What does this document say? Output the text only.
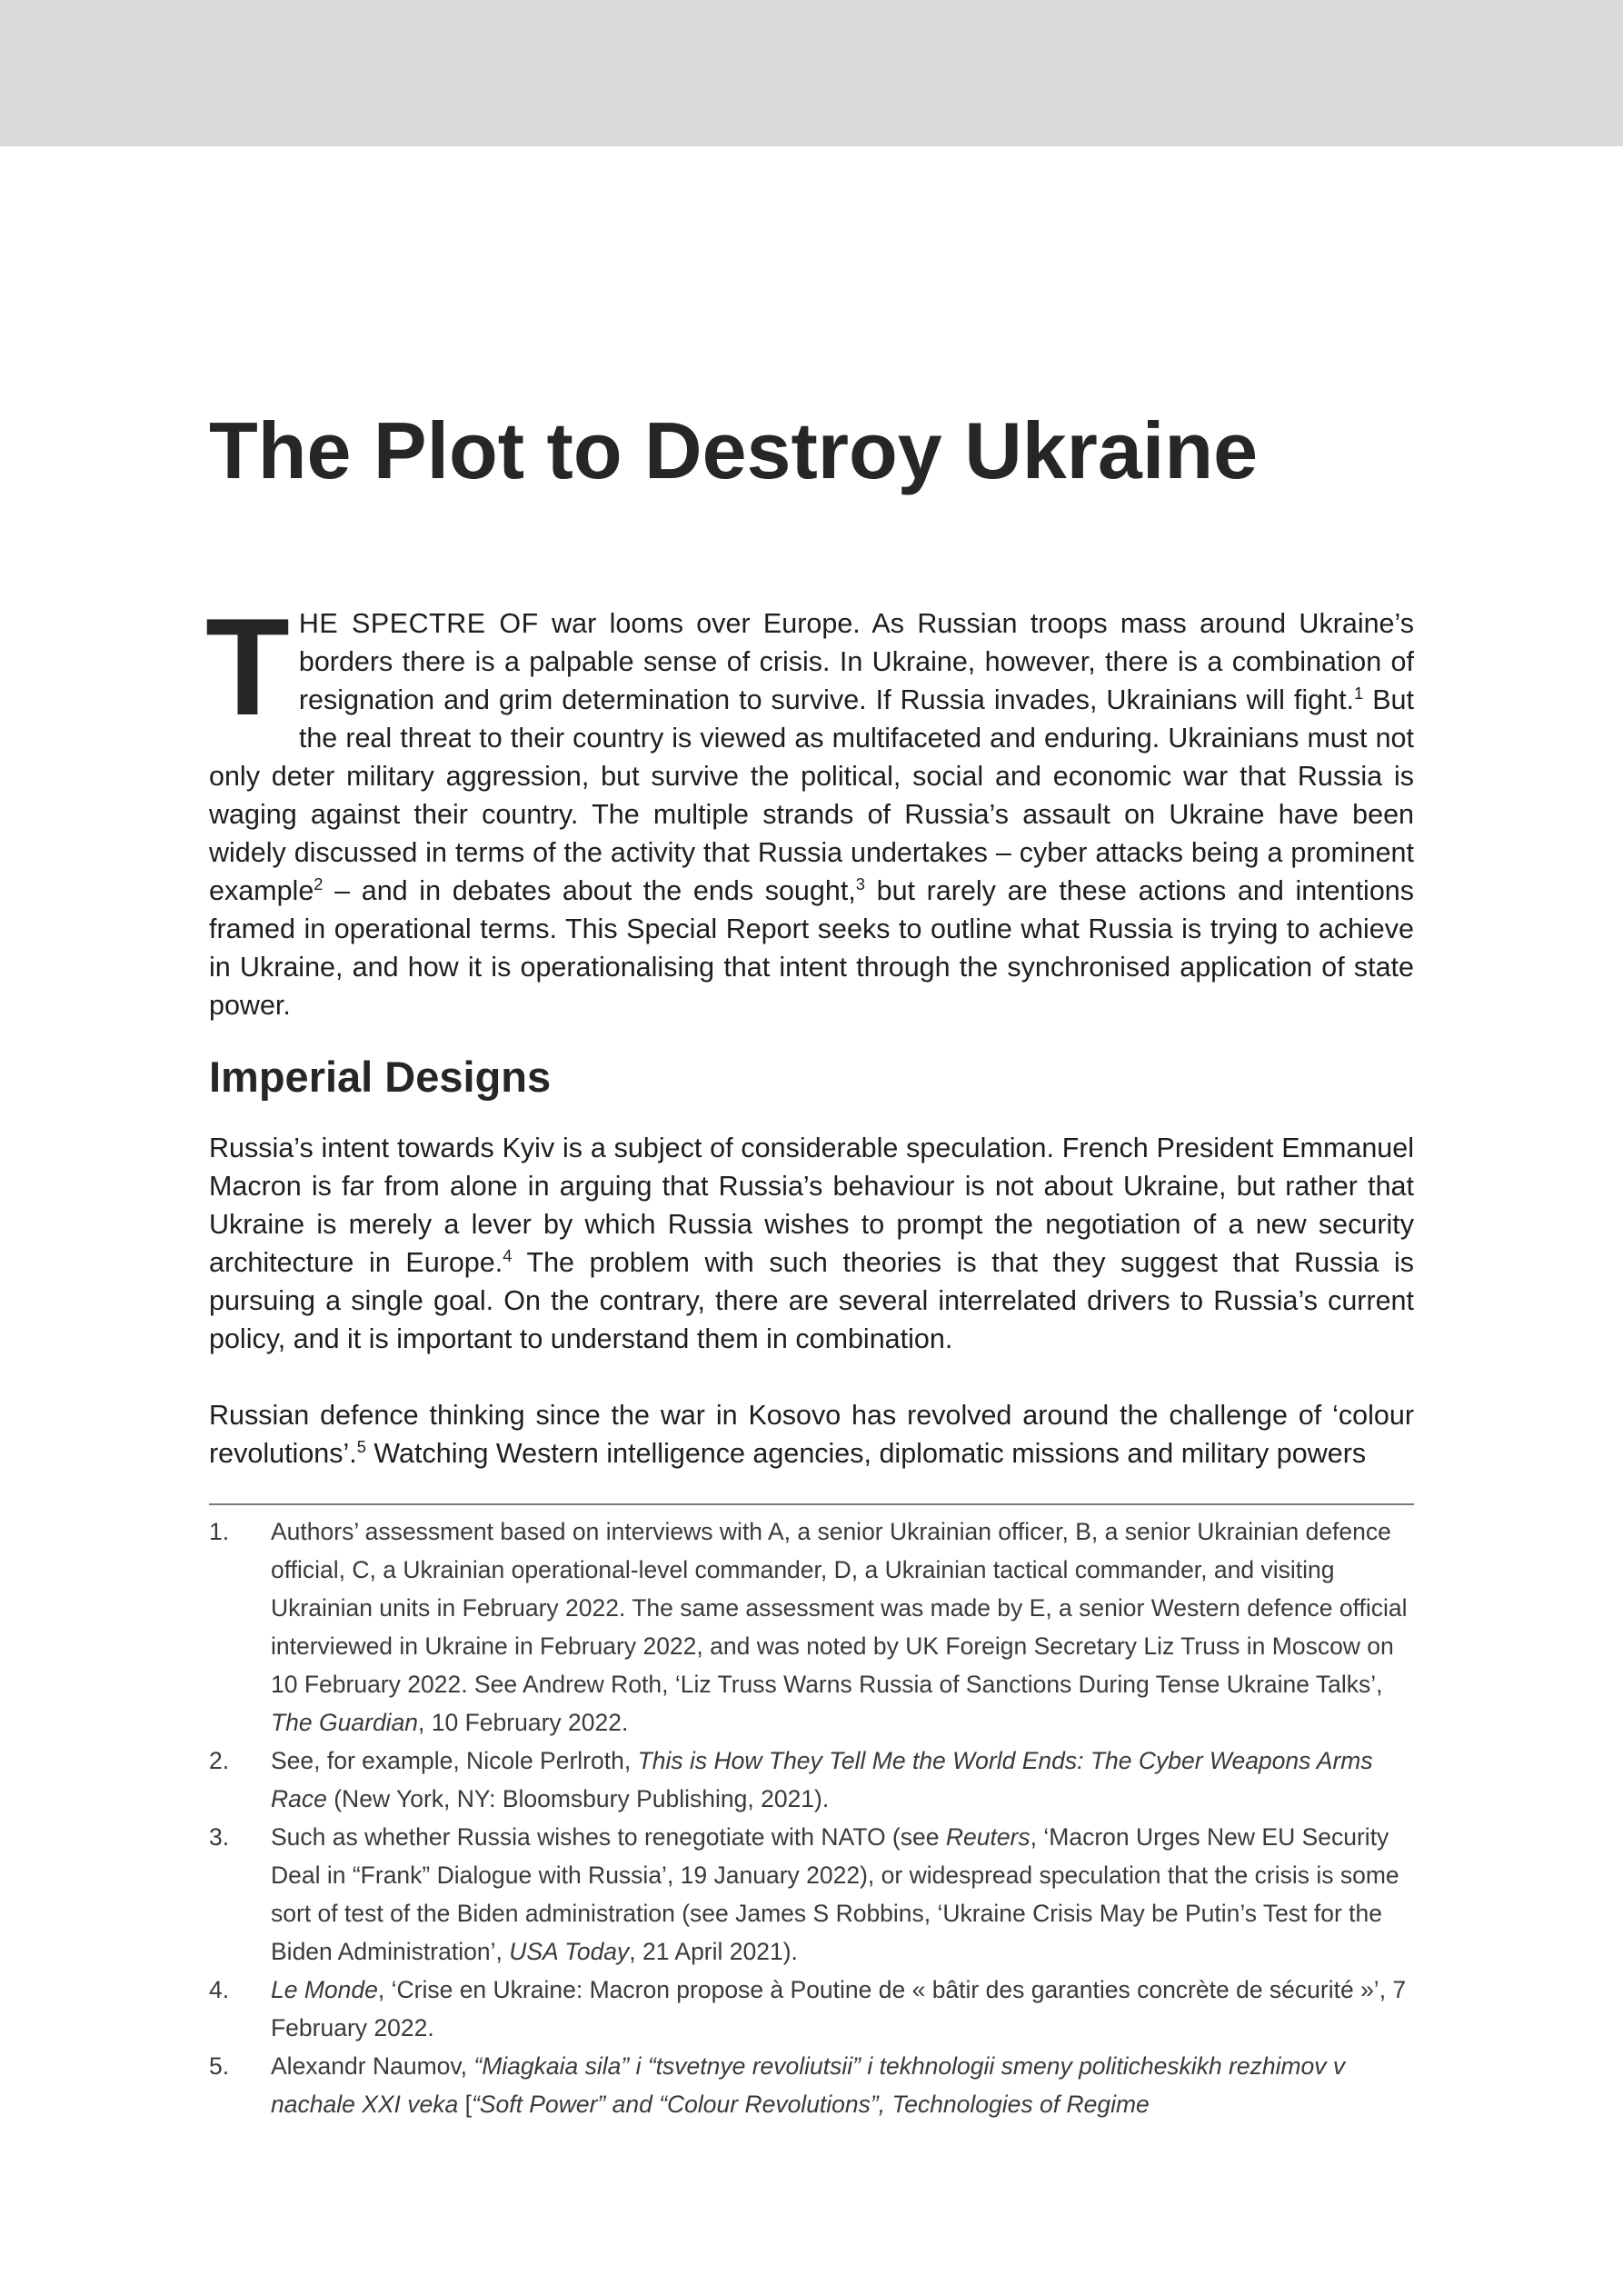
The Plot to Destroy Ukraine

THE SPECTRE OF war looms over Europe. As Russian troops mass around Ukraine’s borders there is a palpable sense of crisis. In Ukraine, however, there is a combination of resignation and grim determination to survive. If Russia invades, Ukrainians will fight.$^1$ But the real threat to their country is viewed as multifaceted and enduring. Ukrainians must not only deter military aggression, but survive the political, social and economic war that Russia is waging against their country. The multiple strands of Russia’s assault on Ukraine have been widely discussed in terms of the activity that Russia undertakes – cyber attacks being a prominent example$^2$ – and in debates about the ends sought,$^3$ but rarely are these actions and intentions framed in operational terms. This Special Report seeks to outline what Russia is trying to achieve in Ukraine, and how it is operationalising that intent through the synchronised application of state power.

Imperial Designs

Russia’s intent towards Kyiv is a subject of considerable speculation. French President Emmanuel Macron is far from alone in arguing that Russia’s behaviour is not about Ukraine, but rather that Ukraine is merely a lever by which Russia wishes to prompt the negotiation of a new security architecture in Europe.$^4$ The problem with such theories is that they suggest that Russia is pursuing a single goal. On the contrary, there are several interrelated drivers to Russia’s current policy, and it is important to understand them in combination.

Russian defence thinking since the war in Kosovo has revolved around the challenge of ‘colour revolutions’.$^5$ Watching Western intelligence agencies, diplomatic missions and military powers

1.	Authors’ assessment based on interviews with A, a senior Ukrainian officer, B, a senior Ukrainian defence official, C, a Ukrainian operational-level commander, D, a Ukrainian tactical commander, and visiting Ukrainian units in February 2022. The same assessment was made by E, a senior Western defence official interviewed in Ukraine in February 2022, and was noted by UK Foreign Secretary Liz Truss in Moscow on 10 February 2022. See Andrew Roth, ‘Liz Truss Warns Russia of Sanctions During Tense Ukraine Talks’, The Guardian, 10 February 2022.
2.	See, for example, Nicole Perlroth, This is How They Tell Me the World Ends: The Cyber Weapons Arms Race (New York, NY: Bloomsbury Publishing, 2021).
3.	Such as whether Russia wishes to renegotiate with NATO (see Reuters, ‘Macron Urges New EU Security Deal in “Frank” Dialogue with Russia’, 19 January 2022), or widespread speculation that the crisis is some sort of test of the Biden administration (see James S Robbins, ‘Ukraine Crisis May be Putin’s Test for the Biden Administration’, USA Today, 21 April 2021).
4.	Le Monde, ‘Crise en Ukraine: Macron propose à Poutine de « bâtir des garanties concrète de sécurité »’, 7 February 2022.
5.	Alexandr Naumov, “Miagkaia sila” i “tsvetnye revoliutsii” i tekhnologii smeny politicheskikh rezhimov v nachale XXI veka [“Soft Power” and “Colour Revolutions”, Technologies of Regime
